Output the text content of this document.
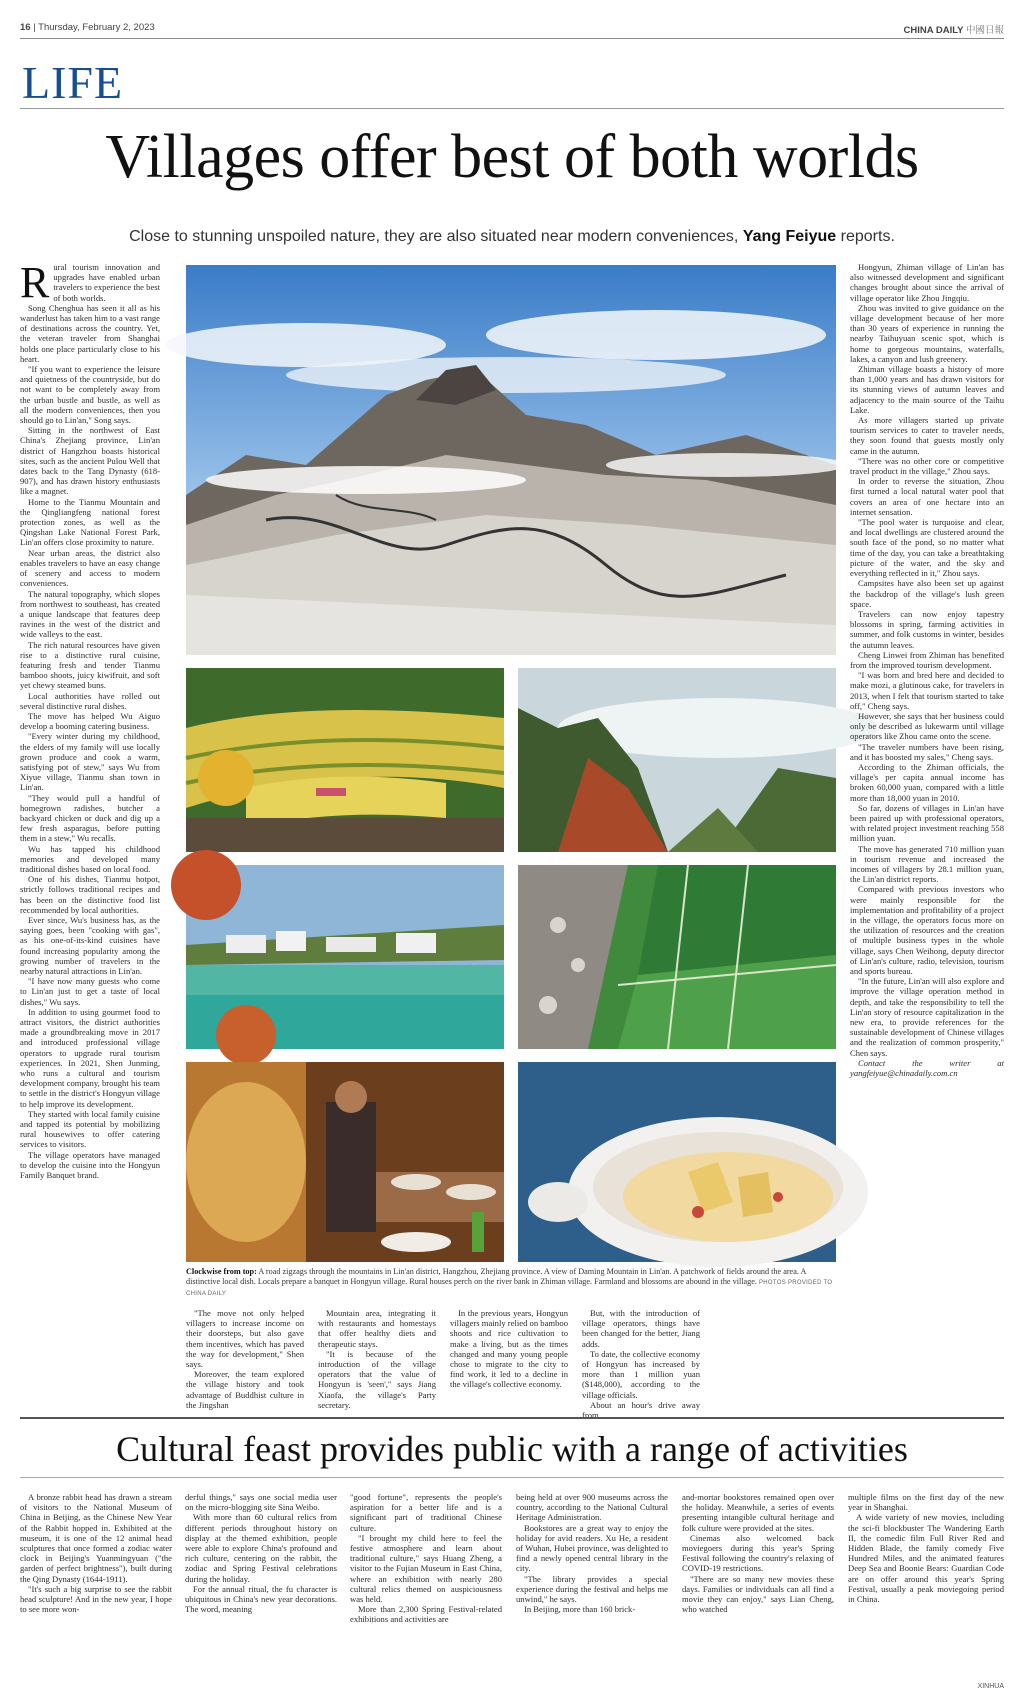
16 | Thursday, February 2, 2023	CHINA DAILY 中國日報
LIFE
Villages offer best of both worlds
Close to stunning unspoiled nature, they are also situated near modern conveniences, Yang Feiyue reports.
R ural tourism innovation and upgrades have enabled urban travelers to experience the best of both worlds.

Song Chenghua has seen it all as his wanderlust has taken him to a vast range of destinations across the country. Yet, the veteran traveler from Shanghai holds one place particularly close to his heart.

"If you want to experience the leisure and quietness of the countryside, but do not want to be completely away from the urban bustle and bustle, as well as all the modern conveniences, then you should go to Lin'an," Song says.

Sitting in the northwest of East China's Zhejiang province, Lin'an district of Hangzhou boasts historical sites, such as the ancient Pulou Well that dates back to the Tang Dynasty (618-907), and has drawn history enthusiasts like a magnet.

Home to the Tianmu Mountain and the Qingliangfeng national forest protection zones, as well as the Qingshan Lake National Forest Park, Lin'an offers close proximity to nature.

Near urban areas, the district also enables travelers to have an easy change of scenery and access to modern conveniences.

The natural topography, which slopes from northwest to southeast, has created a unique landscape that features deep ravines in the west of the district and wide valleys to the east.

The rich natural resources have given rise to a distinctive rural cuisine, featuring fresh and tender Tianmu bamboo shoots, juicy kiwifruit, and soft yet chewy steamed buns.

Local authorities have rolled out several distinctive rural dishes.

The move has helped Wu Aiguo develop a booming catering business.

"Every winter during my childhood, the elders of my family will use locally grown produce and cook a warm, satisfying pot of stew," says Wu from Xiyue village, Tianmu shan town in Lin'an.

"They would pull a handful of homegrown radishes, butcher a backyard chicken or duck and dig up a few fresh asparagus, before putting them in a stew," Wu recalls.

Wu has tapped his childhood memories and developed many traditional dishes based on local food.

One of his dishes, Tianmu hotpot, strictly follows traditional recipes and has been on the distinctive food list recommended by local authorities.

Ever since, Wu's business has, as the saying goes, been "cooking with gas", as his one-of-its-kind cuisines have found increasing popularity among the growing number of travelers in the nearby natural attractions in Lin'an.

"I have now many guests who come to Lin'an just to get a taste of local dishes," Wu says.

In addition to using gourmet food to attract visitors, the district authorities made a groundbreaking move in 2017 and introduced professional village operators to upgrade rural tourism experiences. In 2021, Shen Junming, who runs a cultural and tourism development company, brought his team to settle in the district's Hongyun village to help improve its development.

They started with local family cuisine and tapped its potential by mobilizing rural housewives to offer catering services to visitors.

The village operators have managed to develop the cuisine into the Hongyun Family Banquet brand.

Clockwise from top: A road zigzags through the mountains in Lin'an district, Hangzhou, Zhejiang province. A view of Daming Mountain in Lin'an. A patchwork of fields around the area. A distinctive local dish. Locals prepare a banquet in Hongyun village. Rural houses perch on the river bank in Zhiman village. Farmland and blossoms are abound in the village. PHOTOS PROVIDED TO CHINA DAILY

"The move not only helped villagers to increase income on their doorsteps, but also gave them incentives, which has paved the way for development," Shen says.

Moreover, the team explored the village history and took advantage of Buddhist culture in the Jingshan

Mountain area, integrating it with restaurants and homestays that offer healthy diets and therapeutic stays.

"It is because of the introduction of the village operators that the value of Hongyun is 'seen'," says Jiang Xiaofa, the village's Party secretary.

In the previous years, Hongyun villagers mainly relied on bamboo shoots and rice cultivation to make a living, but as the times changed and many young people chose to migrate to the city to find work, it led to a decline in the village's collective economy.

But, with the introduction of village operators, things have been changed for the better, Jiang adds.

To date, the collective economy of Hongyun has increased by more than 1 million yuan ($148,000), according to the village officials.

About an hour's drive away from

Hongyun, Zhiman village of Lin'an has also witnessed development and significant changes brought about since the arrival of village operator like Zhou Jingqiu.

Zhou was invited to give guidance on the village development because of her more than 30 years of experience in running the nearby Taihuyuan scenic spot, which is home to gorgeous mountains, waterfalls, lakes, a canyon and lush greenery.

Zhiman village boasts a history of more than 1,000 years and has drawn visitors for its stunning views of autumn leaves and adjacency to the main source of the Taihu Lake.

As more villagers started up private tourism services to cater to traveler needs, they soon found that guests mostly only came in the autumn.

"There was no other core or competitive travel product in the village," Zhou says.

In order to reverse the situation, Zhou first turned a local natural water pool that covers an area of one hectare into an internet sensation.

"The pool water is turquoise and clear, and local dwellings are clustered around the south face of the pond, so no matter what time of the day, you can take a breathtaking picture of the water, and the sky and everything reflected in it," Zhou says.

Campsites have also been set up against the backdrop of the village's lush green space.

Travelers can now enjoy tapestry blossoms in spring, farming activities in summer, and folk customs in winter, besides the autumn leaves.

Cheng Linwei from Zhiman has benefited from the improved tourism development.

"I was born and bred here and decided to make mozi, a glutinous cake, for travelers in 2013, when I felt that tourism started to take off," Cheng says.

However, she says that her business could only be described as lukewarm until village operators like Zhou came onto the scene.

"The traveler numbers have been rising, and it has boosted my sales," Cheng says.

According to the Zhiman officials, the village's per capita annual income has broken 60,000 yuan, compared with a little more than 18,000 yuan in 2010.

So far, dozens of villages in Lin'an have been paired up with professional operators, with related project investment reaching 558 million yuan.

The move has generated 710 million yuan in tourism revenue and increased the incomes of villagers by 28.1 million yuan, the Lin'an district reports.

Compared with previous investors who were mainly responsible for the implementation and profitability of a project in the village, the operators focus more on the utilization of resources and the creation of multiple business types in the whole village, says Chen Weihong, deputy director of Lin'an's culture, radio, television, tourism and sports bureau.

"In the future, Lin'an will also explore and improve the village operation method in depth, and take the responsibility to tell the Lin'an story of resource capitalization in the new era, to provide references for the sustainable development of Chinese villages and the realization of common prosperity," Chen says.

Contact the writer at yangfeiyue@chinadaily.com.cn

Cultural feast provides public with a range of activities

A bronze rabbit head has drawn a stream of visitors to the National Museum of China in Beijing, as the Chinese New Year of the Rabbit hopped in. Exhibited at the museum, it is one of the 12 animal head sculptures that once formed a zodiac water clock in Beijing's Yuanmingyuan ("the garden of perfect brightness"), built during the Qing Dynasty (1644-1911).

"It's such a big surprise to see the rabbit head sculpture! And in the new year, I hope to see more won-

derful things," says one social media user on the micro-blogging site Sina Weibo.

With more than 60 cultural relics from different periods throughout history on display at the themed exhibition, people were able to explore China's profound and rich culture, centering on the rabbit, the zodiac and Spring Festival celebrations during the holiday.

For the annual ritual, the fu character is ubiquitous in China's new year decorations. The word, meaning

"good fortune", represents the people's aspiration for a better life and is a significant part of traditional Chinese culture.

"I brought my child here to feel the festive atmosphere and learn about traditional culture," says Huang Zheng, a visitor to the Fujian Museum in East China, where an exhibition with nearly 280 cultural relics themed on auspiciousness was held.

More than 2,300 Spring Festival-related exhibitions and activities are

being held at over 900 museums across the country, according to the National Cultural Heritage Administration.

Bookstores are a great way to enjoy the holiday for avid readers. Xu He, a resident of Wuhan, Hubei province, was delighted to find a newly opened central library in the city.

"The library provides a special experience during the festival and helps me unwind," he says.

In Beijing, more than 160 brick-

and-mortar bookstores remained open over the holiday. Meanwhile, a series of events presenting intangible cultural heritage and folk culture were provided at the sites.

Cinemas also welcomed back moviegoers during this year's Spring Festival following the country's relaxing of COVID-19 restrictions.

"There are so many new movies these days. Families or individuals can all find a movie they can enjoy," says Lian Cheng, who watched

multiple films on the first day of the new year in Shanghai.

A wide variety of new movies, including the sci-fi blockbuster The Wandering Earth II, the comedic film Full River Red and Hidden Blade, the family comedy Five Hundred Miles, and the animated features Deep Sea and Boonie Bears: Guardian Code are on offer around this year's Spring Festival, usually a peak moviegoing period in China.

XINHUA
